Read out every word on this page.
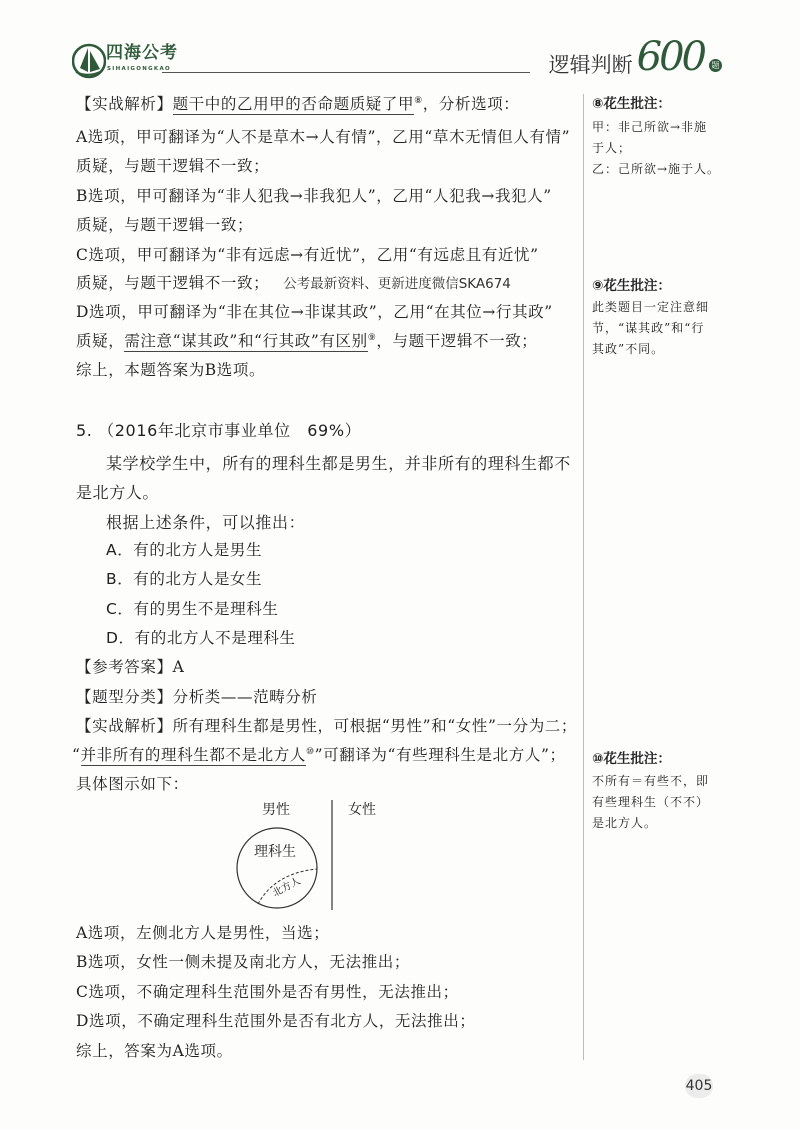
四海公考
SIHAIGONGKAO	逻辑判断 600 题
【实战解析】题干中的乙用甲的否命题质疑了甲⑧，分析选项：
A选项，甲可翻译为“人不是草木→人有情”，乙用“草木无情但人有情”
质疑，与题干逻辑不一致；
B选项，甲可翻译为“非人犯我→非我犯人”，乙用“人犯我→我犯人”
质疑，与题干逻辑一致；
C选项，甲可翻译为“非有远虑→有近忧”，乙用“有远虑且有近忧”
质疑，与题干逻辑不一致； 公考最新资料、更新进度微信SKA674
D选项，甲可翻译为“非在其位→非谋其政”，乙用“在其位→行其政”
质疑，需注意“谋其政”和“行其政”有区别⑨，与题干逻辑不一致；
综上，本题答案为B选项。
5. （2016年北京市事业单位　69%）
某学校学生中，所有的理科生都是男生，并非所有的理科生都不
是北方人。
根据上述条件，可以推出：
A．有的北方人是男生
B．有的北方人是女生
C．有的男生不是理科生
D．有的北方人不是理科生
【参考答案】A
【题型分类】分析类——范畴分析
【实战解析】所有理科生都是男性，可根据“男性”和“女性”一分为二；
“并非所有的理科生都不是北方人⑩”可翻译为“有些理科生是北方人”；
具体图示如下：
男性	女性
理科生
北方人
A选项，左侧北方人是男性，当选；
B选项，女性一侧未提及南北方人，无法推出；
C选项，不确定理科生范围外是否有男性，无法推出；
D选项，不确定理科生范围外是否有北方人，无法推出；
综上，答案为A选项。
⑧花生批注：
甲：非己所欲→非施
于人；
乙：己所欲→施于人。
⑨花生批注：
此类题目一定注意细
节，“谋其政”和“行
其政”不同。
⑩花生批注：
不所有＝有些不，即
有些理科生（不不）
是北方人。
405
